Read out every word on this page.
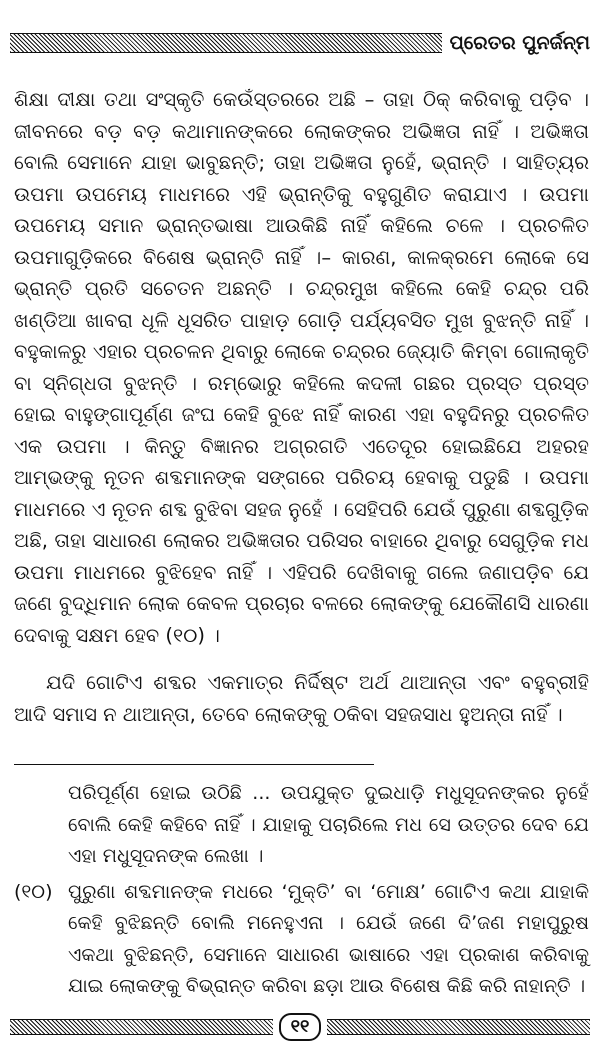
ପ୍ରେତର ପୁନର୍ଜନ୍ମ

ଶିକ୍ଷା ଦୀକ୍ଷା ତଥା ସଂସ୍କୃତି କେଉଁସ୍ତରରେ ଅଛି – ତାହା ଠିକ୍ କରିବାକୁ ପଡ଼ିବ । ଜୀବନରେ ବଡ଼ ବଡ଼ କଥାମାନଙ୍କରେ ଲୋକଙ୍କର ଅଭିଜ୍ଞତା ନାହିଁ । ଅଭିଜ୍ଞତା ବୋଲି ସେମାନେ ଯାହା ଭାବୁଛନ୍ତି; ତାହା ଅଭିଜ୍ଞତା ନୁହେଁ, ଭ୍ରାନ୍ତି । ସାହିତ୍ୟର ଉପମା ଉପମେୟ ମାଧମରେ ଏହି ଭ୍ରାନ୍ତିକୁ ବହୁଗୁଣିତ କରାଯାଏ । ଉପମା ଉପମେୟ ସମାନ ଭ୍ରାନ୍ତଭାଷା ଆଉକିଛି ନାହିଁ କହିଲେ ଚଳେ । ପ୍ରଚଳିତ ଉପମାଗୁଡ଼ିକରେ ବିଶେଷ ଭ୍ରାନ୍ତି ନାହିଁ ।– କାରଣ, କାଳକ୍ରମେ ଲୋକେ ସେ ଭ୍ରାନ୍ତି ପ୍ରତି ସଚେତନ ଅଛନ୍ତି । ଚନ୍ଦ୍ରମୁଖ କହିଲେ କେହି ଚନ୍ଦ୍ର ପରି ଖଣ୍ଡିଆ ଖାବରା ଧୂଳି ଧୂସରିତ ପାହାଡ଼ ଗୋଡ଼ି ପର୍ଯ୍ୟବସିତ ମୁଖ ବୁଝନ୍ତି ନାହିଁ । ବହୁକାଳରୁ ଏହାର ପ୍ରଚଳନ ଥିବାରୁ ଲୋକେ ଚନ୍ଦ୍ରର ଜ୍ୟୋତି କିମ୍ବା ଗୋଲାକୃତି ବା ସ୍ନିଗ୍ଧତା ବୁଝନ୍ତି । ରମ୍ଭୋରୁ କହିଲେ କଦଳୀ ଗଛର ପ୍ରସ୍ତ ପ୍ରସ୍ତ ହୋଇ ବାହୁଙ୍ଗାପୂର୍ଣ୍ଣ ଜଂଘ କେହି ବୁଝେ ନାହିଁ କାରଣ ଏହା ବହୁଦିନରୁ ପ୍ରଚଳିତ ଏକ ଉପମା । କିନ୍ତୁ ବିଜ୍ଞାନର ଅଗ୍ରଗତି ଏତେଦୂର ହୋଇଛିଯେ ଅହରହ ଆମ୍ଭଙ୍କୁ ନୂତନ ଶବ୍ଦମାନଙ୍କ ସଙ୍ଗରେ ପରିଚୟ ହେବାକୁ ପଡୁଛି । ଉପମା ମାଧମରେ ଏ ନୂତନ ଶବ୍ଦ ବୁଝିବା ସହଜ ନୁହେଁ । ସେହିପରି ଯେଉଁ ପୁରୁଣା ଶବ୍ଦଗୁଡ଼ିକ ଅଛି, ତାହା ସାଧାରଣ ଲୋକର ଅଭିଜ୍ଞତାର ପରିସର ବାହାରେ ଥିବାରୁ ସେଗୁଡ଼ିକ ମଧ ଉପମା ମାଧମରେ ବୁଝିହେବ ନାହିଁ । ଏହିପରି ଦେଖିବାକୁ ଗଲେ ଜଣାପଡ଼ିବ ଯେ ଜଣେ ବୁଦ୍ଧିମାନ ଲୋକ କେବଳ ପ୍ରଚାର ବଳରେ ଲୋକଙ୍କୁ ଯେକୌଣସି ଧାରଣା ଦେବାକୁ ସକ୍ଷମ ହେବ (୧୦) ।

ଯଦି ଗୋଟିଏ ଶବ୍ଦର ଏକମାତ୍ର ନିର୍ଦ୍ଦିଷ୍ଟ ଅର୍ଥ ଥାଆନ୍ତା ଏବଂ ବହୁବ୍ରୀହି ଆଦି ସମାସ ନ ଥାଆନ୍ତା, ତେବେ ଲୋକଙ୍କୁ ଠକିବା ସହଜସାଧ ହୁଅନ୍ତା ନାହିଁ ।

ପରିପୂର୍ଣ୍ଣ ହୋଇ ଉଠିଛି ... ଉପଯୁକ୍ତ ଦୁଇଧାଡ଼ି ମଧୁସୂଦନଙ୍କର ନୁହେଁ ବୋଲି କେହି କହିବେ ନାହିଁ । ଯାହାକୁ ପଚାରିଲେ ମଧ ସେ ଉତ୍ତର ଦେବ ଯେ ଏହା ମଧୁସୂଦନଙ୍କ ଲେଖା ।
(୧୦) ପୁରୁଣା ଶବ୍ଦମାନଙ୍କ ମଧରେ ‘ମୁକ୍ତି’ ବା ‘ମୋକ୍ଷ’ ଗୋଟିଏ କଥା ଯାହାକି କେହି ବୁଝିଛନ୍ତି ବୋଲି ମନେହୁଏନା । ଯେଉଁ ଜଣେ ଦି’ଜଣ ମହାପୁରୁଷ ଏକଥା ବୁଝିଛନ୍ତି, ସେମାନେ ସାଧାରଣ ଭାଷାରେ ଏହା ପ୍ରକାଶ କରିବାକୁ ଯାଇ ଲୋକଙ୍କୁ ବିଭ୍ରାନ୍ତ କରିବା ଛଡ଼ା ଆଉ ବିଶେଷ କିଛି କରି ନାହାନ୍ତି ।
୧୧
